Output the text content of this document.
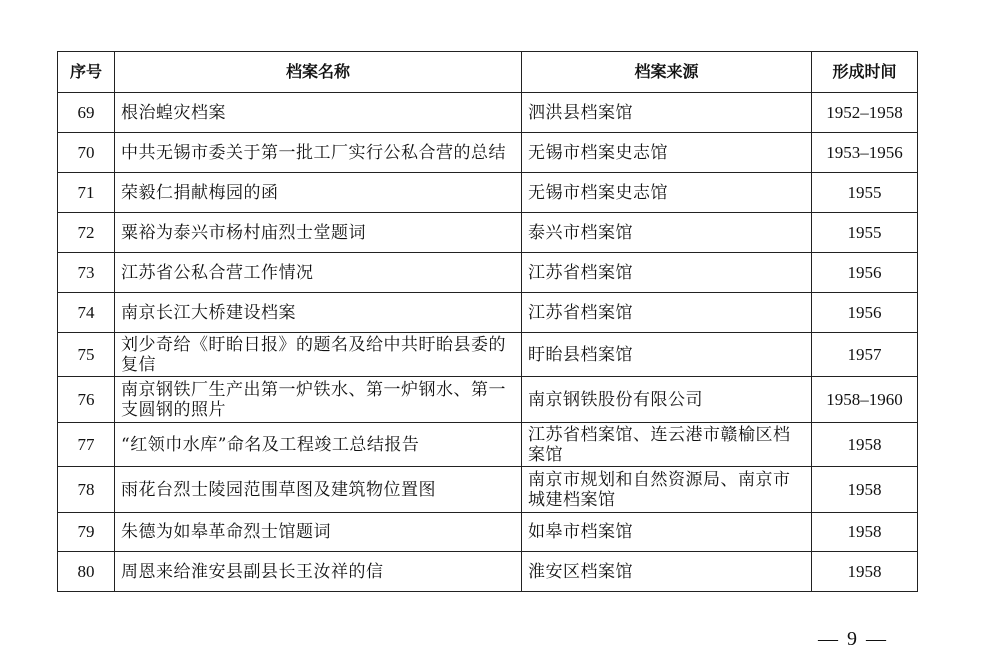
序号	档案名称	档案来源	形成时间
69	根治蝗灾档案	泗洪县档案馆	1952–1958
70	中共无锡市委关于第一批工厂实行公私合营的总结	无锡市档案史志馆	1953–1956
71	荣毅仁捐献梅园的函	无锡市档案史志馆	1955
72	粟裕为泰兴市杨村庙烈士堂题词	泰兴市档案馆	1955
73	江苏省公私合营工作情况	江苏省档案馆	1956
74	南京长江大桥建设档案	江苏省档案馆	1956
75	刘少奇给《盱眙日报》的题名及给中共盱眙县委的复信	盱眙县档案馆	1957
76	南京钢铁厂生产出第一炉铁水、第一炉钢水、第一支圆钢的照片	南京钢铁股份有限公司	1958–1960
77	“红领巾水库”命名及工程竣工总结报告	江苏省档案馆、连云港市赣榆区档案馆	1958
78	雨花台烈士陵园范围草图及建筑物位置图	南京市规划和自然资源局、南京市城建档案馆	1958
79	朱德为如皋革命烈士馆题词	如皋市档案馆	1958
80	周恩来给淮安县副县长王汝祥的信	淮安区档案馆	1958
— 9 —
